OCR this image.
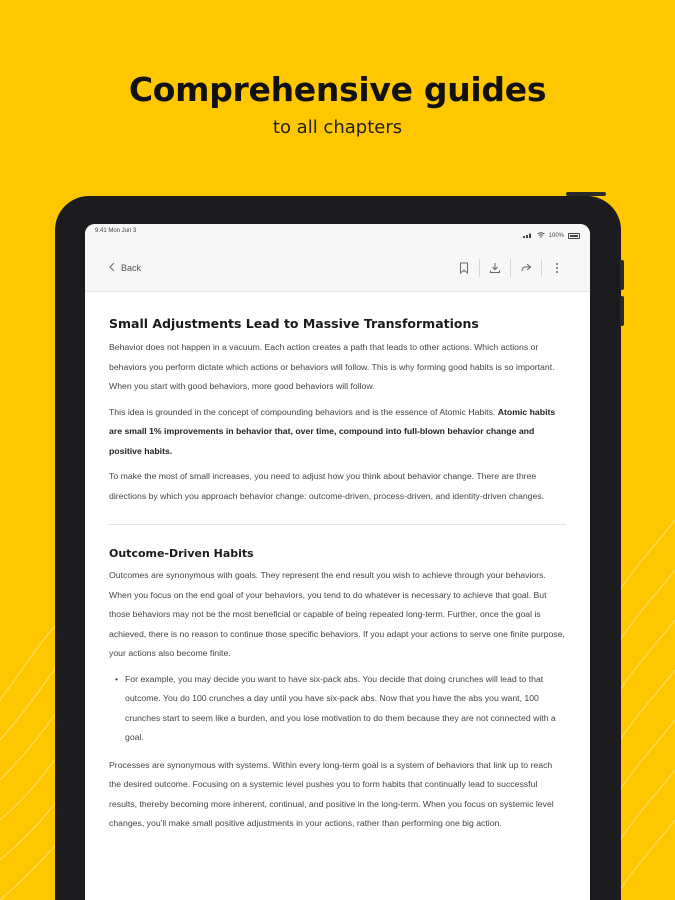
Comprehensive guides
to all chapters
9:41 Mon Jun 3
100%
Back
Small Adjustments Lead to Massive Transformations

Behavior does not happen in a vacuum. Each action creates a path that leads to other actions. Which actions or behaviors you perform dictate which actions or behaviors will follow. This is why forming good habits is so important. When you start with good behaviors, more good behaviors will follow.

This idea is grounded in the concept of compounding behaviors and is the essence of Atomic Habits. Atomic habits are small 1% improvements in behavior that, over time, compound into full-blown behavior change and positive habits.

To make the most of small increases, you need to adjust how you think about behavior change. There are three directions by which you approach behavior change: outcome-driven, process-driven, and identity-driven changes.

Outcome-Driven Habits

Outcomes are synonymous with goals. They represent the end result you wish to achieve through your behaviors. When you focus on the end goal of your behaviors, you tend to do whatever is necessary to achieve that goal. But those behaviors may not be the most beneficial or capable of being repeated long-term. Further, once the goal is achieved, there is no reason to continue those specific behaviors. If you adapt your actions to serve one finite purpose, your actions also become finite.

• For example, you may decide you want to have six-pack abs. You decide that doing crunches will lead to that outcome. You do 100 crunches a day until you have six-pack abs. Now that you have the abs you want, 100 crunches start to seem like a burden, and you lose motivation to do them because they are not connected with a goal.

Processes are synonymous with systems. Within every long-term goal is a system of behaviors that link up to reach the desired outcome. Focusing on a systemic level pushes you to form habits that continually lead to successful results, thereby becoming more inherent, continual, and positive in the long-term. When you focus on systemic level changes, you'll make small positive adjustments in your actions, rather than performing one big action.
